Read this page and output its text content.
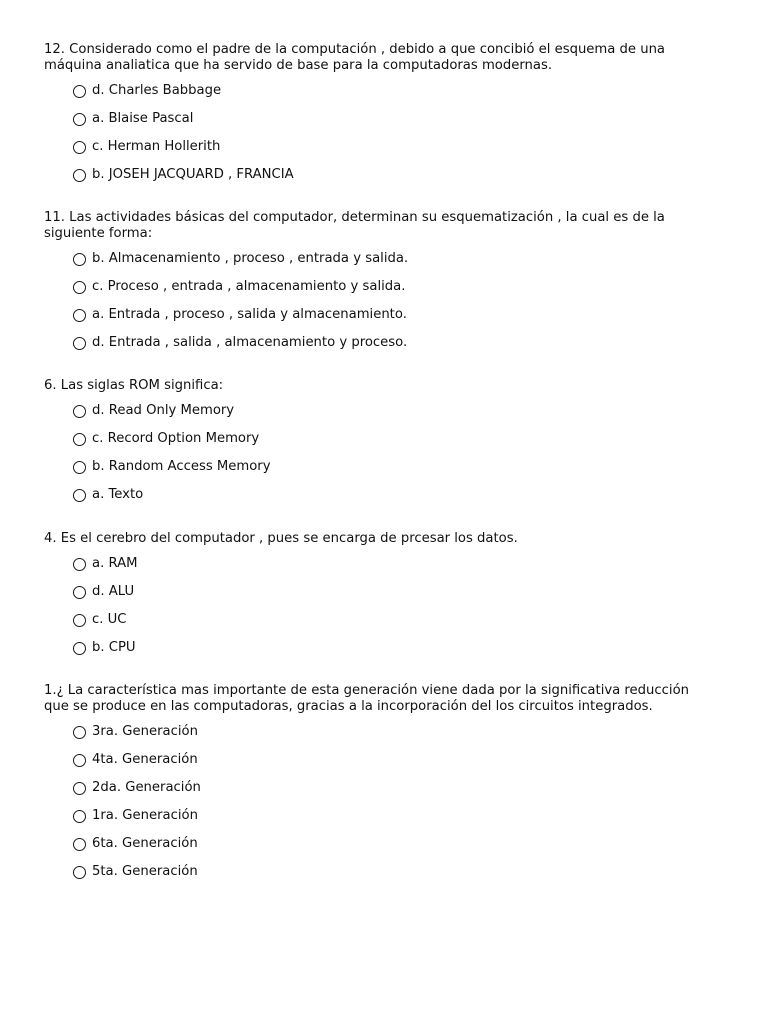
12. Considerado como el padre de la computación , debido a que concibió el esquema de una máquina analiatica que ha servido de base para la computadoras modernas.
d. Charles Babbage
a. Blaise Pascal
c. Herman Hollerith
b. JOSEH JACQUARD , FRANCIA
11. Las actividades básicas del computador, determinan su esquematización , la cual es de la siguiente forma:
b. Almacenamiento , proceso , entrada y salida.
c. Proceso , entrada , almacenamiento y salida.
a. Entrada , proceso , salida y almacenamiento.
d. Entrada , salida , almacenamiento y proceso.
6. Las siglas ROM significa:
d. Read Only Memory
c. Record Option Memory
b. Random Access Memory
a. Texto
4. Es el cerebro del computador , pues se encarga de prcesar los datos.
a. RAM
d. ALU
c. UC
b. CPU
1.¿ La característica mas importante de esta generación viene dada por la significativa reducción que se produce en las computadoras, gracias a la incorporación del los circuitos integrados.
3ra. Generación
4ta. Generación
2da. Generación
1ra. Generación
6ta. Generación
5ta. Generación
